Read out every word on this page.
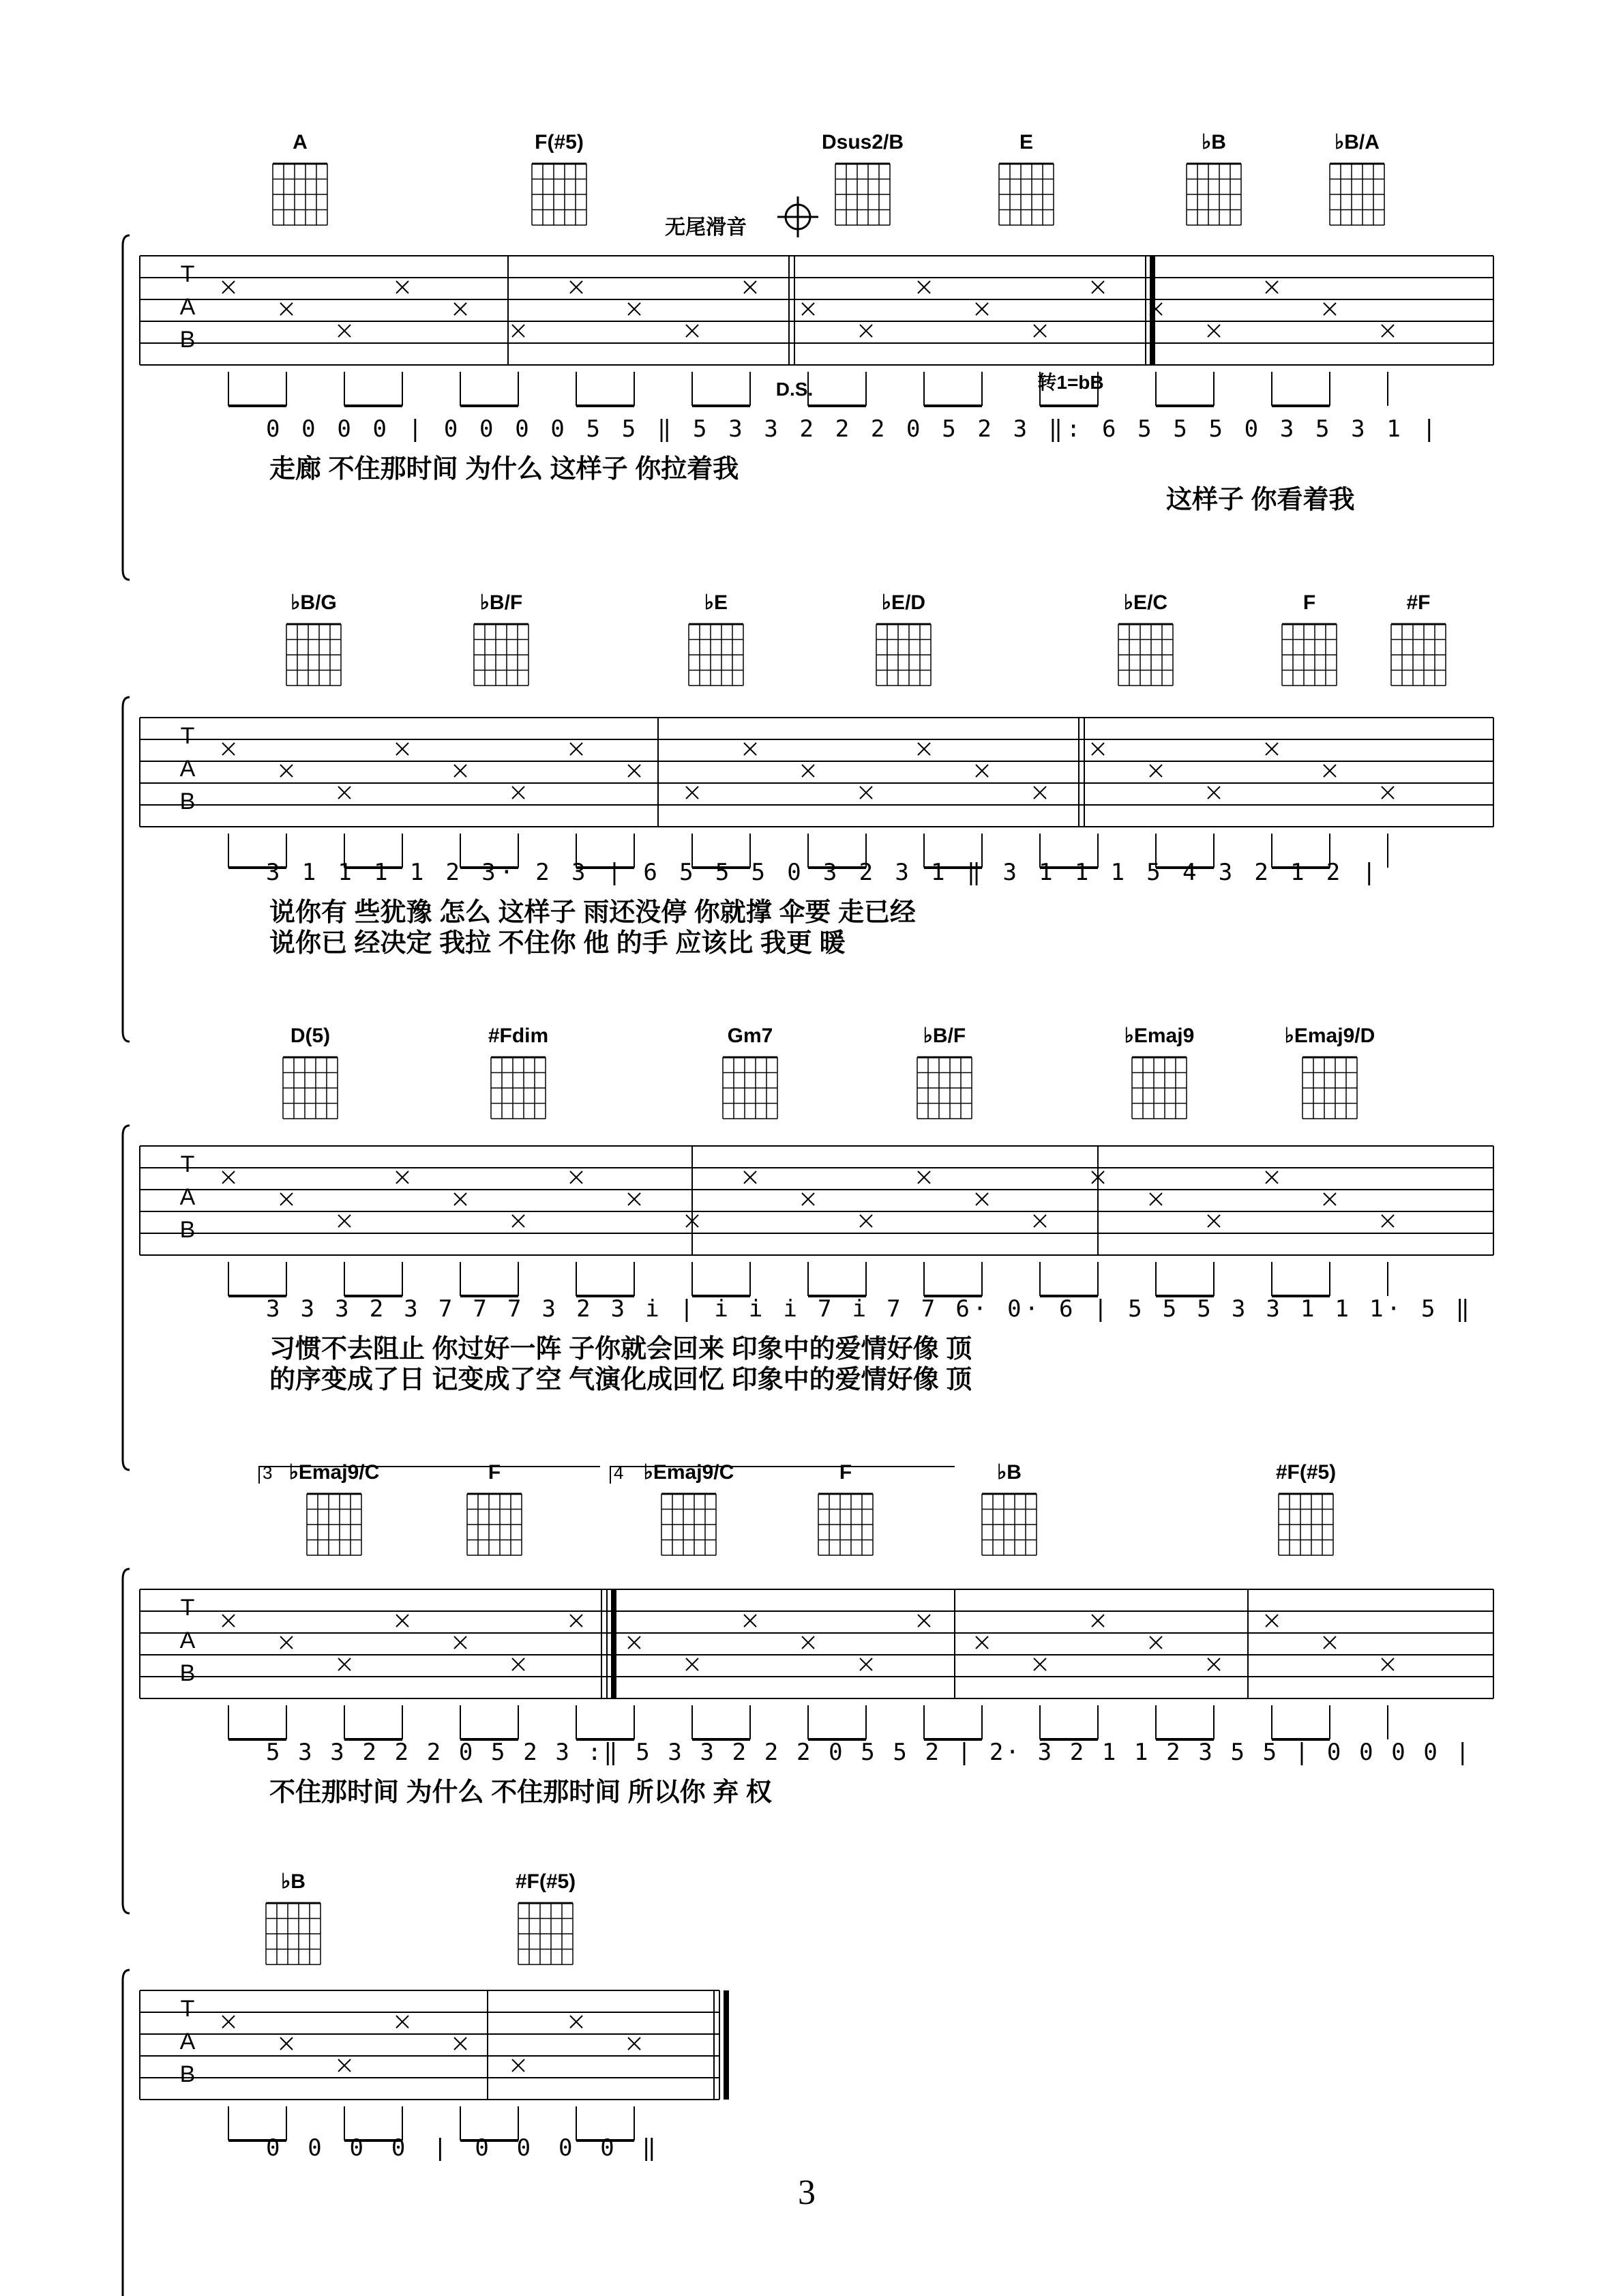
T
A
B
T
A
B
T
A
B
T
A
B
T
A
B
A	F(#5)	Dsus2/B	E	♭B	♭B/A
♭B/G	♭B/F	♭E	♭E/D	♭E/C	F	#F
D(5)	#Fdim	Gm7	♭B/F	♭Emaj9	♭Emaj9/D
♭Emaj9/C	F	♭Emaj9/C	F	♭B	#F(#5)
♭B	#F(#5)
0 0 0 0 | 0 0 0 0 5 5 ‖ 5 3 3 2 2 2 0 5 2 3 ‖: 6 5 5 5 0 3 5 3 1 |
走廊 不住那时间 为什么 这样子 你拉着我
这样子 你看着我
3 1 1 1 1 2 3· 2 3 | 6 5 5 5 0 3 2 3 1 ‖ 3 1 1 1 5 4 3 2 1 2 |
说你有 些犹豫 怎么 这样子 雨还没停 你就撑 伞要 走已经
说你已 经决定 我拉 不住你 他 的手 应该比 我更 暖
3 3 3 2 3 7 7 7 3 2 3 i | i i i 7 i 7 7 6· 0· 6 | 5 5 5 3 3 1 1 1· 5 ‖
习惯不去阻止 你过好一阵 子你就会回来 印象中的爱情好像 顶
的序变成了日 记变成了空 气演化成回忆 印象中的爱情好像 顶
5 3 3 2 2 2 0 5 2 3 :‖ 5 3 3 2 2 2 0 5 5 2 | 2· 3 2 1 1 2 3 5 5 | 0 0 0 0 |
不住那时间 为什么 不住那时间 所以你 弃 权
3	4
0 0 0 0 | 0 0 0 0 ‖
无尾滑音
D.S.	转1=bB
3
